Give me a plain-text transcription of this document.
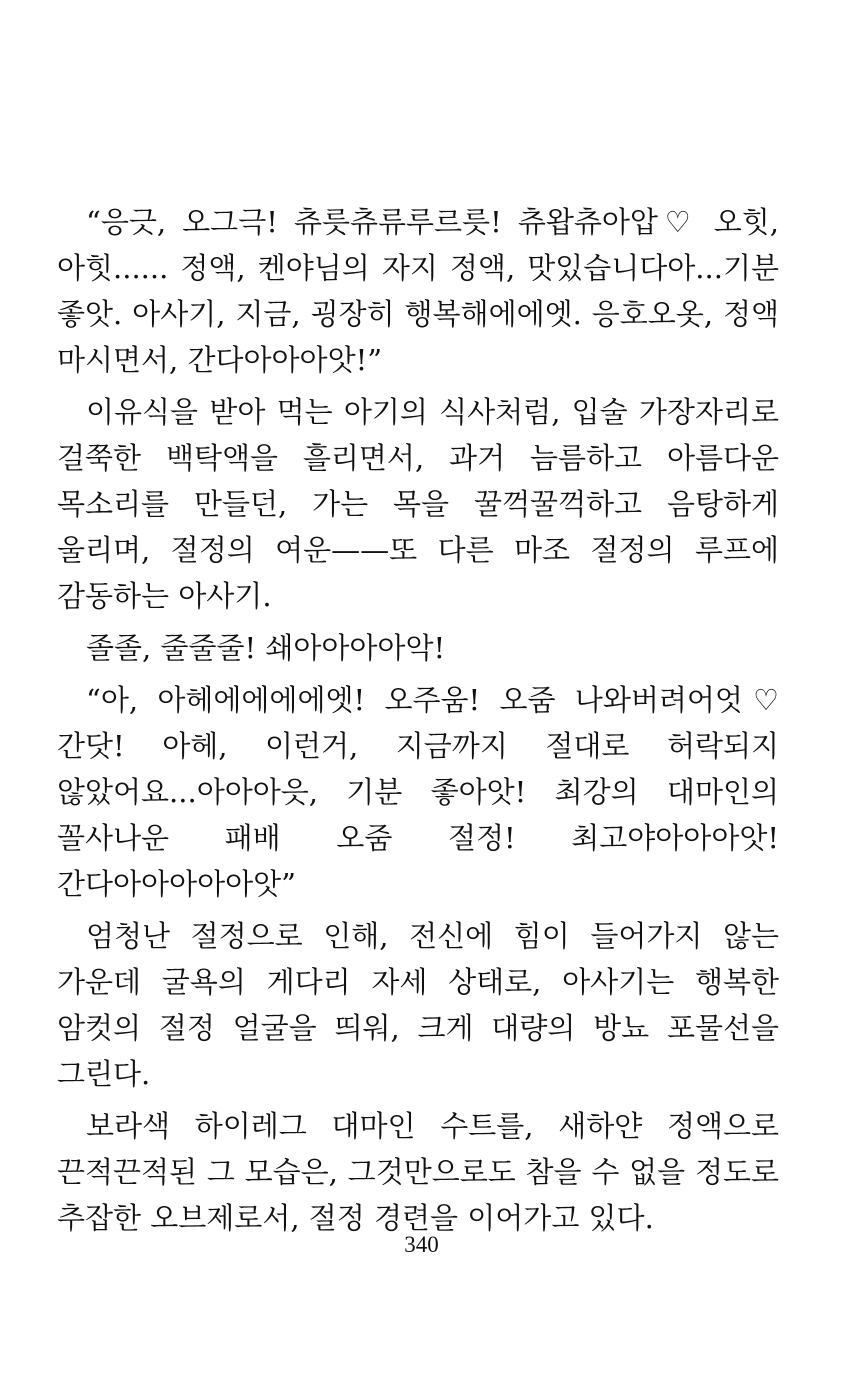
“응긋, 오그극! 츄릇츄류루르릇! 츄왑츄아압♡ 오힛, 아힛...... 정액, 켄야님의 자지 정액, 맛있습니다아...기분 좋앗. 아사기, 지금, 굉장히 행복해에에엣. 응호오옷, 정액 마시면서, 간다아아아앗!”

이유식을 받아 먹는 아기의 식사처럼, 입술 가장자리로 걸쭉한 백탁액을 흘리면서, 과거 늠름하고 아름다운 목소리를 만들던, 가는 목을 꿀꺽꿀꺽하고 음탕하게 울리며, 절정의 여운——또 다른 마조 절정의 루프에 감동하는 아사기.

졸졸, 줄줄줄! 쇄아아아아악!

“아, 아헤에에에에엣! 오주움! 오줌 나와버려어엇♡간닷! 아헤, 이런거, 지금까지 절대로 허락되지 않았어요...아아아읏, 기분 좋아앗! 최강의 대마인의 꼴사나운 패배 오줌 절정! 최고야아아아앗! 간다아아아아아앗”

엄청난 절정으로 인해, 전신에 힘이 들어가지 않는 가운데 굴욕의 게다리 자세 상태로, 아사기는 행복한 암컷의 절정 얼굴을 띄워, 크게 대량의 방뇨 포물선을 그린다.

보라색 하이레그 대마인 수트를, 새하얀 정액으로 끈적끈적된 그 모습은, 그것만으로도 참을 수 없을 정도로 추잡한 오브제로서, 절정 경련을 이어가고 있다.

340
